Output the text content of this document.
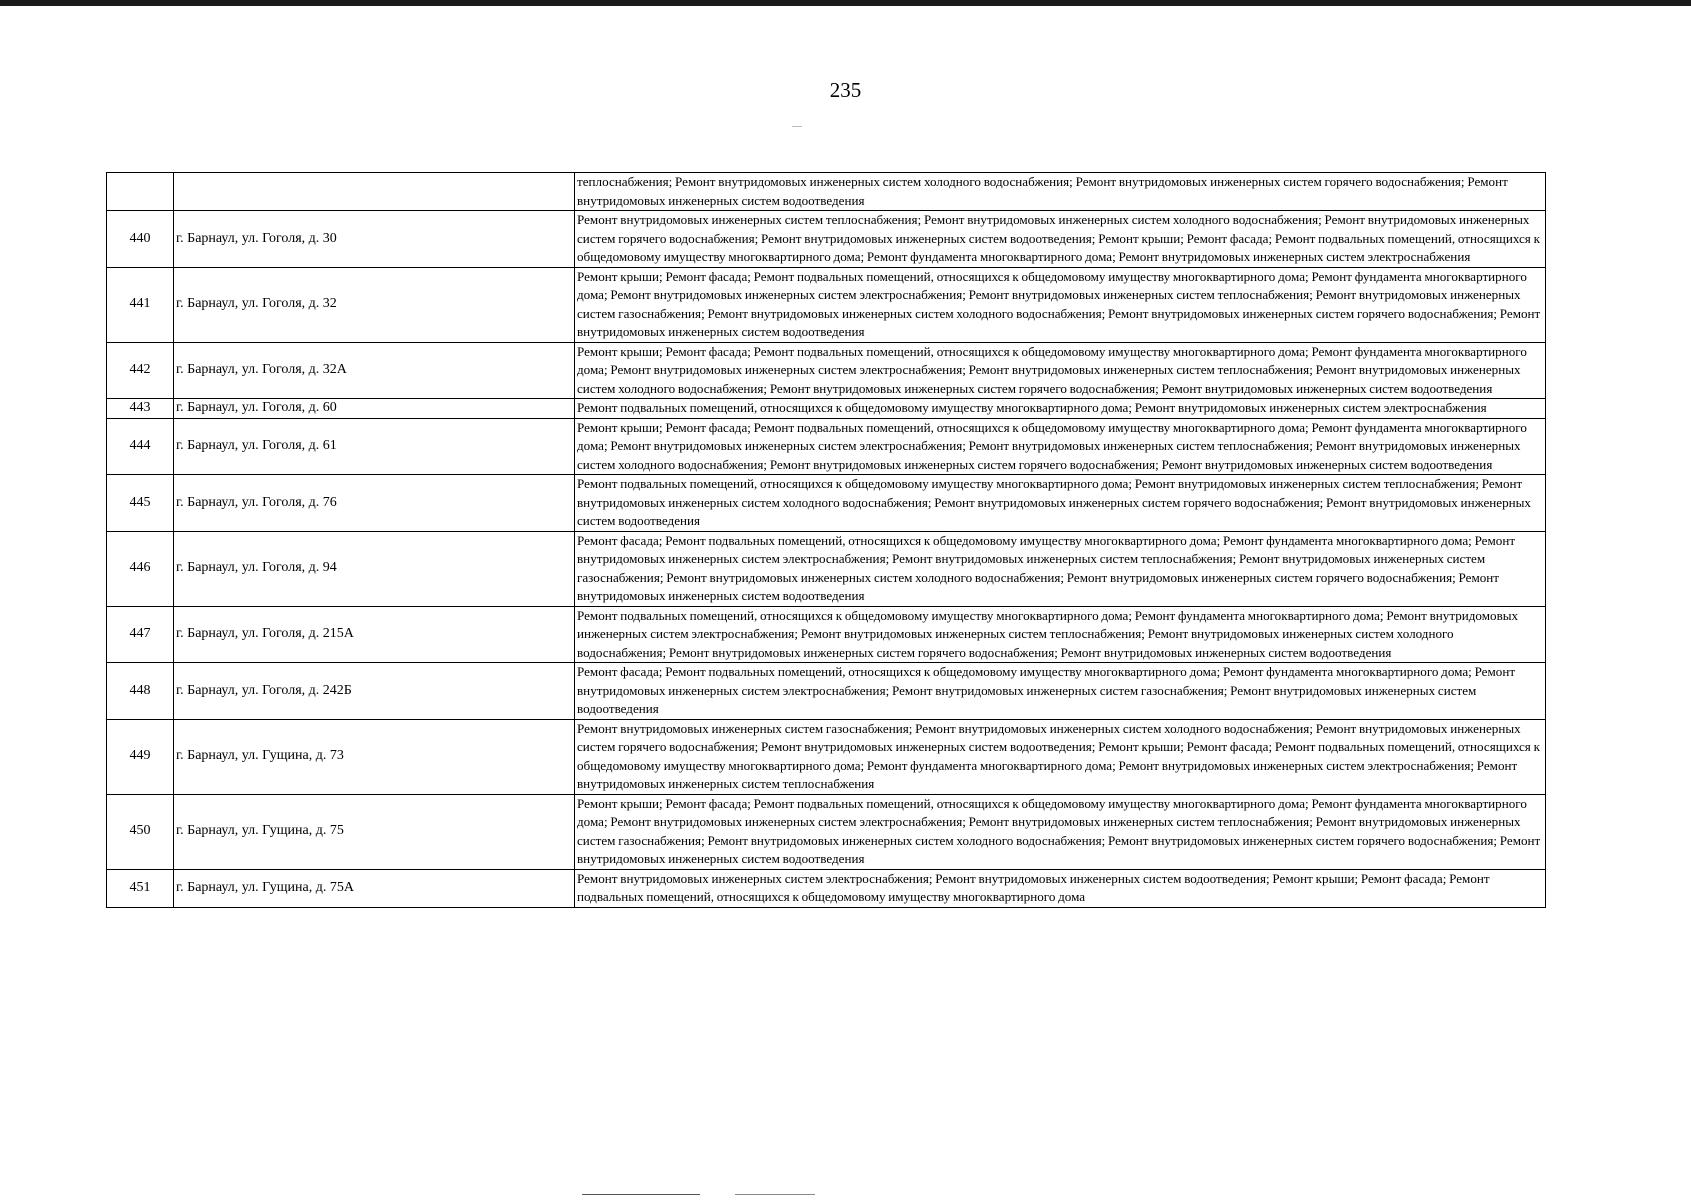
235
		теплоснабжения; Ремонт внутридомовых инженерных систем холодного водоснабжения; Ремонт внутридомовых инженерных систем горячего водоснабжения; Ремонт внутридомовых инженерных систем водоотведения
440	г. Барнаул, ул. Гоголя, д. 30	Ремонт внутридомовых инженерных систем теплоснабжения; Ремонт внутридомовых инженерных систем холодного водоснабжения; Ремонт внутридомовых инженерных систем горячего водоснабжения; Ремонт внутридомовых инженерных систем водоотведения; Ремонт крыши; Ремонт фасада; Ремонт подвальных помещений, относящихся к общедомовому имуществу многоквартирного дома; Ремонт фундамента многоквартирного дома; Ремонт внутридомовых инженерных систем электроснабжения
441	г. Барнаул, ул. Гоголя, д. 32	Ремонт крыши; Ремонт фасада; Ремонт подвальных помещений, относящихся к общедомовому имуществу многоквартирного дома; Ремонт фундамента многоквартирного дома; Ремонт внутридомовых инженерных систем электроснабжения; Ремонт внутридомовых инженерных систем теплоснабжения; Ремонт внутридомовых инженерных систем газоснабжения; Ремонт внутридомовых инженерных систем холодного водоснабжения; Ремонт внутридомовых инженерных систем горячего водоснабжения; Ремонт внутридомовых инженерных систем водоотведения
442	г. Барнаул, ул. Гоголя, д. 32А	Ремонт крыши; Ремонт фасада; Ремонт подвальных помещений, относящихся к общедомовому имуществу многоквартирного дома; Ремонт фундамента многоквартирного дома; Ремонт внутридомовых инженерных систем электроснабжения; Ремонт внутридомовых инженерных систем теплоснабжения; Ремонт внутридомовых инженерных систем холодного водоснабжения; Ремонт внутридомовых инженерных систем горячего водоснабжения; Ремонт внутридомовых инженерных систем водоотведения
443	г. Барнаул, ул. Гоголя, д. 60	Ремонт подвальных помещений, относящихся к общедомовому имуществу многоквартирного дома; Ремонт внутридомовых инженерных систем электроснабжения
444	г. Барнаул, ул. Гоголя, д. 61	Ремонт крыши; Ремонт фасада; Ремонт подвальных помещений, относящихся к общедомовому имуществу многоквартирного дома; Ремонт фундамента многоквартирного дома; Ремонт внутридомовых инженерных систем электроснабжения; Ремонт внутридомовых инженерных систем теплоснабжения; Ремонт внутридомовых инженерных систем холодного водоснабжения; Ремонт внутридомовых инженерных систем горячего водоснабжения; Ремонт внутридомовых инженерных систем водоотведения
445	г. Барнаул, ул. Гоголя, д. 76	Ремонт подвальных помещений, относящихся к общедомовому имуществу многоквартирного дома; Ремонт внутридомовых инженерных систем теплоснабжения; Ремонт внутридомовых инженерных систем холодного водоснабжения; Ремонт внутридомовых инженерных систем горячего водоснабжения; Ремонт внутридомовых инженерных систем водоотведения
446	г. Барнаул, ул. Гоголя, д. 94	Ремонт фасада; Ремонт подвальных помещений, относящихся к общедомовому имуществу многоквартирного дома; Ремонт фундамента многоквартирного дома; Ремонт внутридомовых инженерных систем электроснабжения; Ремонт внутридомовых инженерных систем теплоснабжения; Ремонт внутридомовых инженерных систем газоснабжения; Ремонт внутридомовых инженерных систем холодного водоснабжения; Ремонт внутридомовых инженерных систем горячего водоснабжения; Ремонт внутридомовых инженерных систем водоотведения
447	г. Барнаул, ул. Гоголя, д. 215А	Ремонт подвальных помещений, относящихся к общедомовому имуществу многоквартирного дома; Ремонт фундамента многоквартирного дома; Ремонт внутридомовых инженерных систем электроснабжения; Ремонт внутридомовых инженерных систем теплоснабжения; Ремонт внутридомовых инженерных систем холодного водоснабжения; Ремонт внутридомовых инженерных систем горячего водоснабжения; Ремонт внутридомовых инженерных систем водоотведения
448	г. Барнаул, ул. Гоголя, д. 242Б	Ремонт фасада; Ремонт подвальных помещений, относящихся к общедомовому имуществу многоквартирного дома; Ремонт фундамента многоквартирного дома; Ремонт внутридомовых инженерных систем электроснабжения; Ремонт внутридомовых инженерных систем газоснабжения; Ремонт внутридомовых инженерных систем водоотведения
449	г. Барнаул, ул. Гущина, д. 73	Ремонт внутридомовых инженерных систем газоснабжения; Ремонт внутридомовых инженерных систем холодного водоснабжения; Ремонт внутридомовых инженерных систем горячего водоснабжения; Ремонт внутридомовых инженерных систем водоотведения; Ремонт крыши; Ремонт фасада; Ремонт подвальных помещений, относящихся к общедомовому имуществу многоквартирного дома; Ремонт фундамента многоквартирного дома; Ремонт внутридомовых инженерных систем электроснабжения; Ремонт внутридомовых инженерных систем теплоснабжения
450	г. Барнаул, ул. Гущина, д. 75	Ремонт крыши; Ремонт фасада; Ремонт подвальных помещений, относящихся к общедомовому имуществу многоквартирного дома; Ремонт фундамента многоквартирного дома; Ремонт внутридомовых инженерных систем электроснабжения; Ремонт внутридомовых инженерных систем теплоснабжения; Ремонт внутридомовых инженерных систем газоснабжения; Ремонт внутридомовых инженерных систем холодного водоснабжения; Ремонт внутридомовых инженерных систем горячего водоснабжения; Ремонт внутридомовых инженерных систем водоотведения
451	г. Барнаул, ул. Гущина, д. 75А	Ремонт внутридомовых инженерных систем электроснабжения; Ремонт внутридомовых инженерных систем водоотведения; Ремонт крыши; Ремонт фасада; Ремонт подвальных помещений, относящихся к общедомовому имуществу многоквартирного дома
